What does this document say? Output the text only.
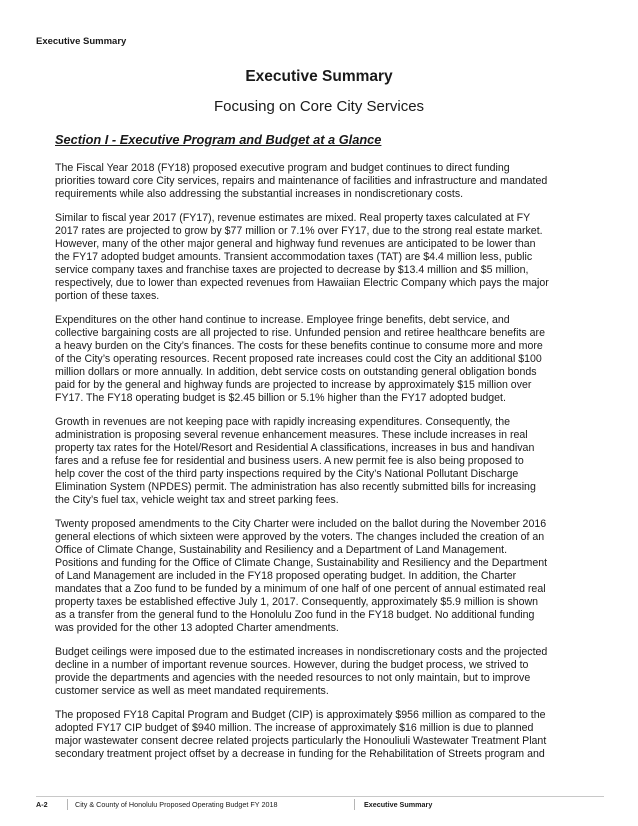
Executive Summary
Executive Summary
Focusing on Core City Services
Section I - Executive Program and Budget at a Glance

The Fiscal Year 2018 (FY18) proposed executive program and budget continues to direct funding
priorities toward core City services, repairs and maintenance of facilities and infrastructure and mandated
requirements while also addressing the substantial increases in nondiscretionary costs.

Similar to fiscal year 2017 (FY17), revenue estimates are mixed. Real property taxes calculated at FY
2017 rates are projected to grow by $77 million or 7.1% over FY17, due to the strong real estate market.
However, many of the other major general and highway fund revenues are anticipated to be lower than
the FY17 adopted budget amounts. Transient accommodation taxes (TAT) are $4.4 million less, public
service company taxes and franchise taxes are projected to decrease by $13.4 million and $5 million,
respectively, due to lower than expected revenues from Hawaiian Electric Company which pays the major
portion of these taxes.

Expenditures on the other hand continue to increase. Employee fringe benefits, debt service, and
collective bargaining costs are all projected to rise. Unfunded pension and retiree healthcare benefits are
a heavy burden on the City’s finances. The costs for these benefits continue to consume more and more
of the City’s operating resources. Recent proposed rate increases could cost the City an additional $100
million dollars or more annually. In addition, debt service costs on outstanding general obligation bonds
paid for by the general and highway funds are projected to increase by approximately $15 million over
FY17. The FY18 operating budget is $2.45 billion or 5.1% higher than the FY17 adopted budget.

Growth in revenues are not keeping pace with rapidly increasing expenditures. Consequently, the
administration is proposing several revenue enhancement measures. These include increases in real
property tax rates for the Hotel/Resort and Residential A classifications, increases in bus and handivan
fares and a refuse fee for residential and business users. A new permit fee is also being proposed to
help cover the cost of the third party inspections required by the City’s National Pollutant Discharge
Elimination System (NPDES) permit. The administration has also recently submitted bills for increasing
the City’s fuel tax, vehicle weight tax and street parking fees.

Twenty proposed amendments to the City Charter were included on the ballot during the November 2016
general elections of which sixteen were approved by the voters. The changes included the creation of an
Office of Climate Change, Sustainability and Resiliency and a Department of Land Management.
Positions and funding for the Office of Climate Change, Sustainability and Resiliency and the Department
of Land Management are included in the FY18 proposed operating budget. In addition, the Charter
mandates that a Zoo fund to be funded by a minimum of one half of one percent of annual estimated real
property taxes be established effective July 1, 2017. Consequently, approximately $5.9 million is shown
as a transfer from the general fund to the Honolulu Zoo fund in the FY18 budget. No additional funding
was provided for the other 13 adopted Charter amendments.

Budget ceilings were imposed due to the estimated increases in nondiscretionary costs and the projected
decline in a number of important revenue sources. However, during the budget process, we strived to
provide the departments and agencies with the needed resources to not only maintain, but to improve
customer service as well as meet mandated requirements.

The proposed FY18 Capital Program and Budget (CIP) is approximately $956 million as compared to the
adopted FY17 CIP budget of $940 million. The increase of approximately $16 million is due to planned
major wastewater consent decree related projects particularly the Honouliuli Wastewater Treatment Plant
secondary treatment project offset by a decrease in funding for the Rehabilitation of Streets program and

A-2	City & County of Honolulu Proposed Operating Budget FY 2018	Executive Summary
